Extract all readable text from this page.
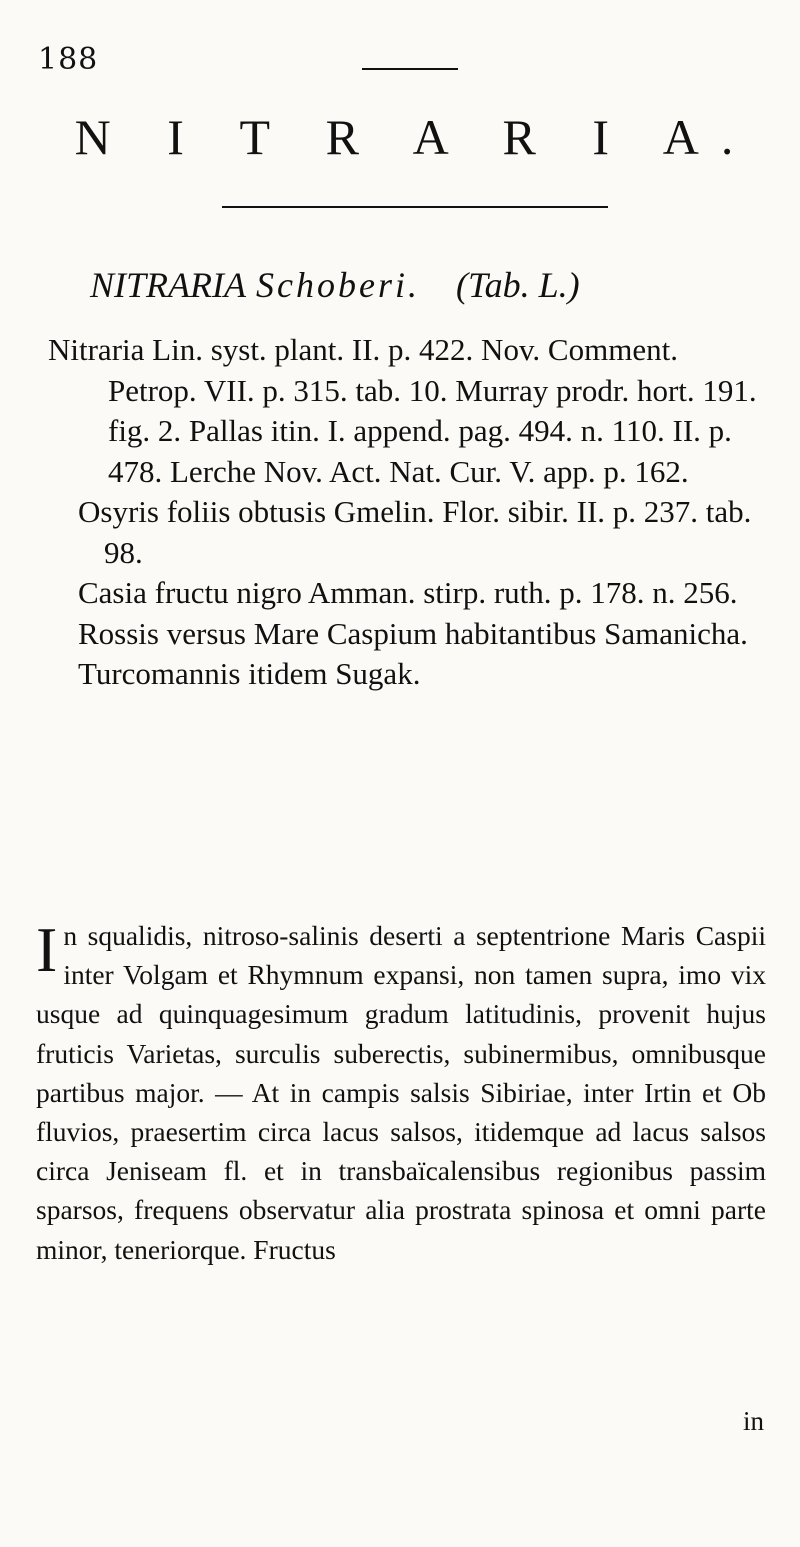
188
N I T R A R I A.
NITRARIA Schoberi. (Tab. L.)

Nitraria Lin. syst. plant. II. p. 422. Nov. Comment. Petrop. VII. p. 315. tab. 10. Murray prodr. hort. 191. fig. 2. Pallas itin. I. append. pag. 494. n. 110. II. p. 478. Lerche Nov. Act. Nat. Cur. V. app. p. 162.

Osyris foliis obtusis Gmelin. Flor. sibir. II. p. 237. tab. 98.

Casia fructu nigro Amman. stirp. ruth. p. 178. n. 256.

Rossis versus Mare Caspium habitantibus Samanicha.

Turcomannis itidem Sugak.

In squalidis, nitroso-salinis deserti a septentrione Maris Caspii inter Volgam et Rhymnum expansi, non tamen supra, imo vix usque ad quinquagesimum gradum latitudinis, provenit hujus fruticis Varietas, surculis suberectis, subinermibus, omnibusque partibus major. — At in campis salsis Sibiriae, inter Irtin et Ob fluvios, praesertim circa lacus salsos, itidemque ad lacus salsos circa Jeniseam fl. et in transbaïcalensibus regionibus passim sparsos, frequens observatur alia prostrata spinosa et omni parte minor, teneriorque. Fructus
in
